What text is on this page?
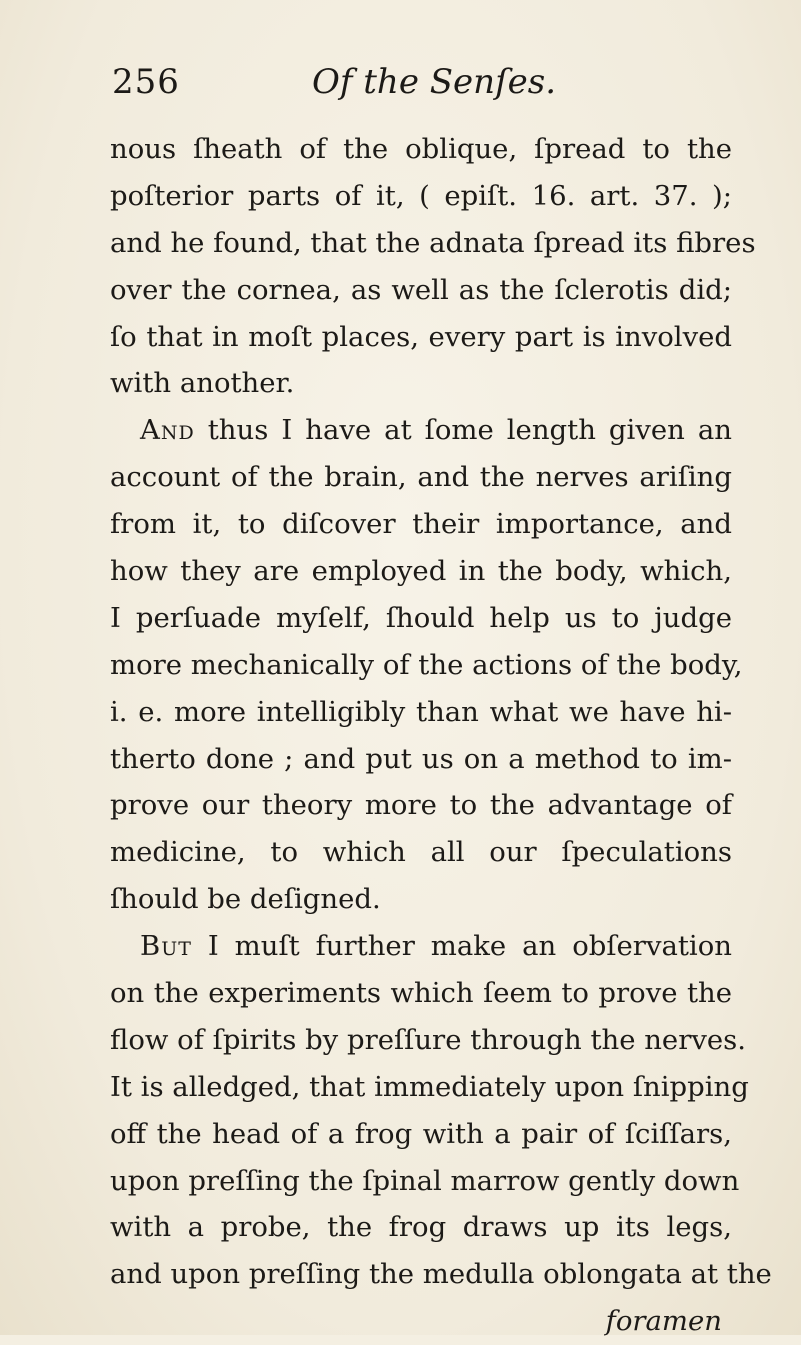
256	Of the Senſes.
nous ſheath of the oblique, ſpread to the
poſterior parts of it, ( epiſt. 16. art. 37. );
and he found, that the adnata ſpread its fibres
over the cornea, as well as the ſclerotis did;
ſo that in moſt places, every part is involved
with another.
And thus I have at ſome length given an
account of the brain, and the nerves ariſing
from it, to diſcover their importance, and
how they are employed in the body, which,
I perſuade myſelf, ſhould help us to judge
more mechanically of the actions of the body,
i. e. more intelligibly than what we have hi-
therto done ; and put us on a method to im-
prove our theory more to the advantage of
medicine, to which all our ſpeculations
ſhould be deſigned.
But I muſt further make an obſervation
on the experiments which ſeem to prove the
flow of ſpirits by preſſure through the nerves.
It is alledged, that immediately upon ſnipping
off the head of a frog with a pair of ſciſſars,
upon preſſing the ſpinal marrow gently down
with a probe, the frog draws up its legs,
and upon preſſing the medulla oblongata at the
foramen
